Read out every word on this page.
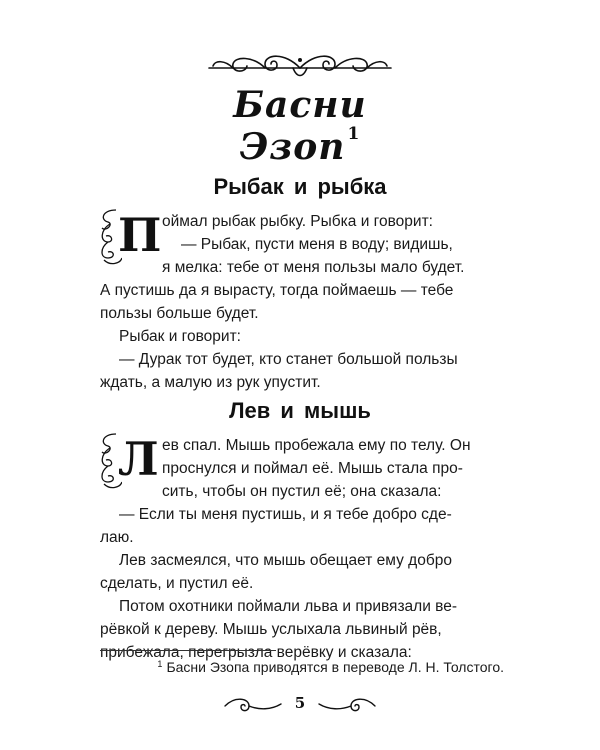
Басни
Эзоп $^1$
Рыбак и рыбка
П оймал рыбак рыбку. Рыбка и говорит:

— Рыбак, пусти меня в воду; видишь,

я мелка: тебе от меня пользы мало будет.

А пустишь да я вырасту, тогда поймаешь — тебе

пользы больше будет.

Рыбак и говорит:

— Дурак тот будет, кто станет большой пользы

ждать, а малую из рук упустит.

Лев и мышь
Л ев спал. Мышь пробежала ему по телу. Он

проснулся и поймал её. Мышь стала про-

сить, чтобы он пустил её; она сказала:

— Если ты меня пустишь, и я тебе добро сде-

лаю.

Лев засмеялся, что мышь обещает ему добро

сделать, и пустил её.

Потом охотники поймали льва и привязали ве-

рёвкой к дереву. Мышь услыхала львиный рёв,

прибежала, перегрызла верёвку и сказала:

$^1$ Басни Эзопа приводятся в переводе Л. Н. Толстого.
5
